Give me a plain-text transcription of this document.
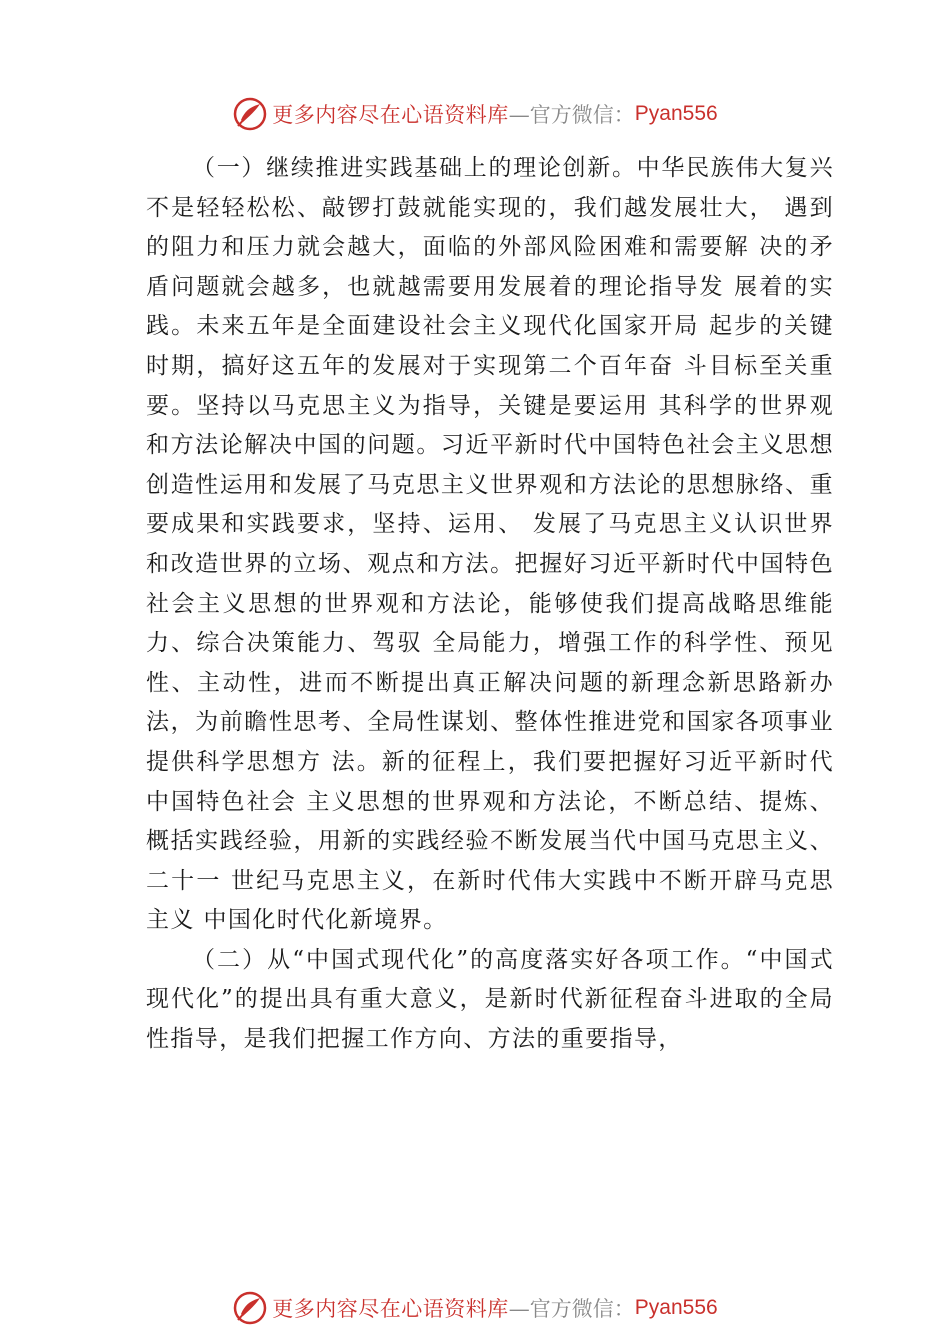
更多内容尽在心语资料库 —官方微信： Pyan556

（一）继续推进实践基础上的理论创新。中华民族伟大复兴不是轻轻松松、敲锣打鼓就能实现的，我们越发展壮大， 遇到的阻力和压力就会越大，面临的外部风险困难和需要解 决的矛盾问题就会越多，也就越需要用发展着的理论指导发 展着的实践。未来五年是全面建设社会主义现代化国家开局 起步的关键时期，搞好这五年的发展对于实现第二个百年奋 斗目标至关重要。坚持以马克思主义为指导，关键是要运用 其科学的世界观和方法论解决中国的问题。习近平新时代中国特色社会主义思想创造性运用和发展了马克思主义世界观和方法论的思想脉络、重要成果和实践要求，坚持、运用、 发展了马克思主义认识世界和改造世界的立场、观点和方法。把握好习近平新时代中国特色社会主义思想的世界观和方法论，能够使我们提高战略思维能力、综合决策能力、驾驭 全局能力，增强工作的科学性、预见性、主动性，进而不断提出真正解决问题的新理念新思路新办法，为前瞻性思考、全局性谋划、整体性推进党和国家各项事业提供科学思想方 法。新的征程上，我们要把握好习近平新时代中国特色社会 主义思想的世界观和方法论，不断总结、提炼、概括实践经验，用新的实践经验不断发展当代中国马克思主义、二十一 世纪马克思主义，在新时代伟大实践中不断开辟马克思主义 中国化时代化新境界。

（二）从“中国式现代化”的高度落实好各项工作。“中国式现代化”的提出具有重大意义，是新时代新征程奋斗进取的全局性指导，是我们把握工作方向、方法的重要指导，

更多内容尽在心语资料库 —官方微信： Pyan556
